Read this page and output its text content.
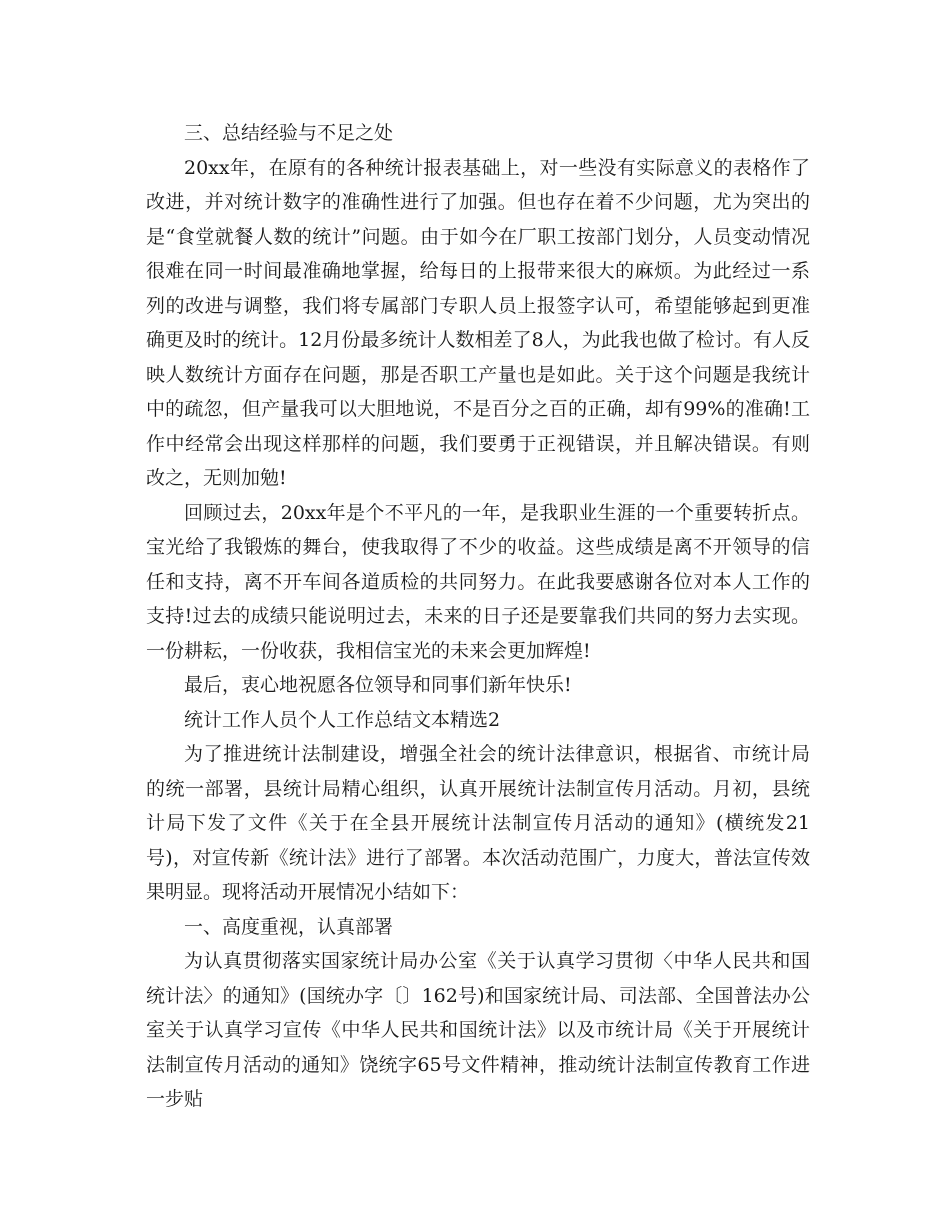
三、总结经验与不足之处

20xx年，在原有的各种统计报表基础上，对一些没有实际意义的表格作了改进，并对统计数字的准确性进行了加强。但也存在着不少问题，尤为突出的是“食堂就餐人数的统计”问题。由于如今在厂职工按部门划分，人员变动情况很难在同一时间最准确地掌握，给每日的上报带来很大的麻烦。为此经过一系列的改进与调整，我们将专属部门专职人员上报签字认可，希望能够起到更准确更及时的统计。12月份最多统计人数相差了8人，为此我也做了检讨。有人反映人数统计方面存在问题，那是否职工产量也是如此。关于这个问题是我统计中的疏忽，但产量我可以大胆地说，不是百分之百的正确，却有99%的准确!工作中经常会出现这样那样的问题，我们要勇于正视错误，并且解决错误。有则改之，无则加勉!

回顾过去，20xx年是个不平凡的一年，是我职业生涯的一个重要转折点。宝光给了我锻炼的舞台，使我取得了不少的收益。这些成绩是离不开领导的信任和支持，离不开车间各道质检的共同努力。在此我要感谢各位对本人工作的支持!过去的成绩只能说明过去，未来的日子还是要靠我们共同的努力去实现。一份耕耘，一份收获，我相信宝光的未来会更加辉煌!

最后，衷心地祝愿各位领导和同事们新年快乐!

统计工作人员个人工作总结文本精选2

为了推进统计法制建设，增强全社会的统计法律意识，根据省、市统计局的统一部署，县统计局精心组织，认真开展统计法制宣传月活动。月初，县统计局下发了文件《关于在全县开展统计法制宣传月活动的通知》(横统发21号)，对宣传新《统计法》进行了部署。本次活动范围广，力度大，普法宣传效果明显。现将活动开展情况小结如下：

一、高度重视，认真部署

为认真贯彻落实国家统计局办公室《关于认真学习贯彻〈中华人民共和国统计法〉的通知》(国统办字〔〕162号)和国家统计局、司法部、全国普法办公室关于认真学习宣传《中华人民共和国统计法》以及市统计局《关于开展统计法制宣传月活动的通知》饶统字65号文件精神，推动统计法制宣传教育工作进一步贴
